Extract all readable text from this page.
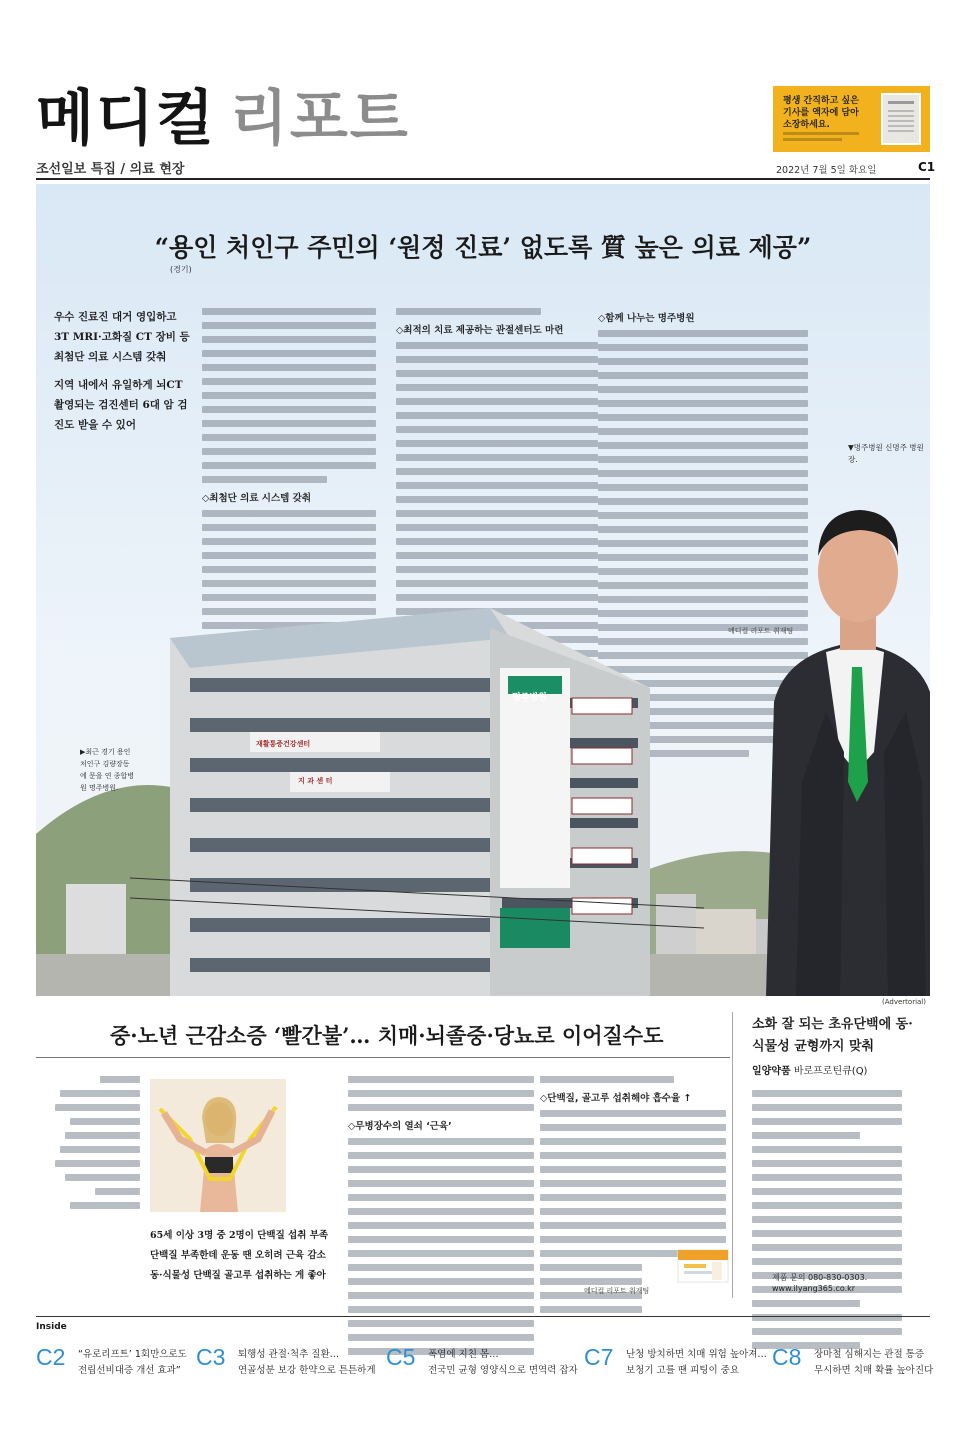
메디컬 리포트	평생 간직하고 싶은 기사를 액자에 담아 소장하세요.
조선일보 특집 / 의료 현장	2022년 7월 5일 화요일	C1
“용인 처인구 주민의 ‘원정 진료’ 없도록 質 높은 의료 제공”
(경기)

우수 진료진 대거 영입하고 3T MRI·고화질 CT 장비 등 최첨단 의료 시스템 갖춰

지역 내에서 유일하게 뇌CT 촬영되는 검진센터 6대 암 검진도 받을 수 있어

◇최첨단 의료 시스템 갖춰
◇최적의 치료 제공하는 관절센터도 마련
◇함께 나누는 명주병원
메디컬 리포트 취재팀
▼명주병원 신명주 병원장.
명주병원
재활통증건강센터
지 과 센 터
▶최근 경기 용인 처인구 김량장동에 문을 연 종합병원 명주병원.
(Advertorial)
중·노년 근감소증 ‘빨간불’… 치매·뇌졸중·당뇨로 이어질수도
65세 이상 3명 중 2명이 단백질 섭취 부족 단백질 부족한데 운동 땐 오히려 근육 감소 동·식물성 단백질 골고루 섭취하는 게 좋아
◇무병장수의 열쇠 ‘근육’
◇단백질, 골고루 섭취해야 흡수율 ↑
메디컬 리포트 취재팀
소화 잘 되는 초유단백에 동·식물성 균형까지 맞춰
일양약품 바로프로틴큐(Q)
제품 문의 080-830-0303.
www.ilyang365.co.kr
Inside
C2 “유로리프트’ 1회만으로도
전립선비대증 개선 효과”
C3 퇴행성 관절·척추 질환…
연골성분 보강 한약으로 튼튼하게
C5 폭염에 지친 몸…
전국민 균형 영양식으로 면역력 잡자
C7 난청 방치하면 치매 위험 높아져…
보청기 고를 땐 피팅이 중요
C8 장마철 심해지는 관절 통증
무시하면 치매 확률 높아진다
